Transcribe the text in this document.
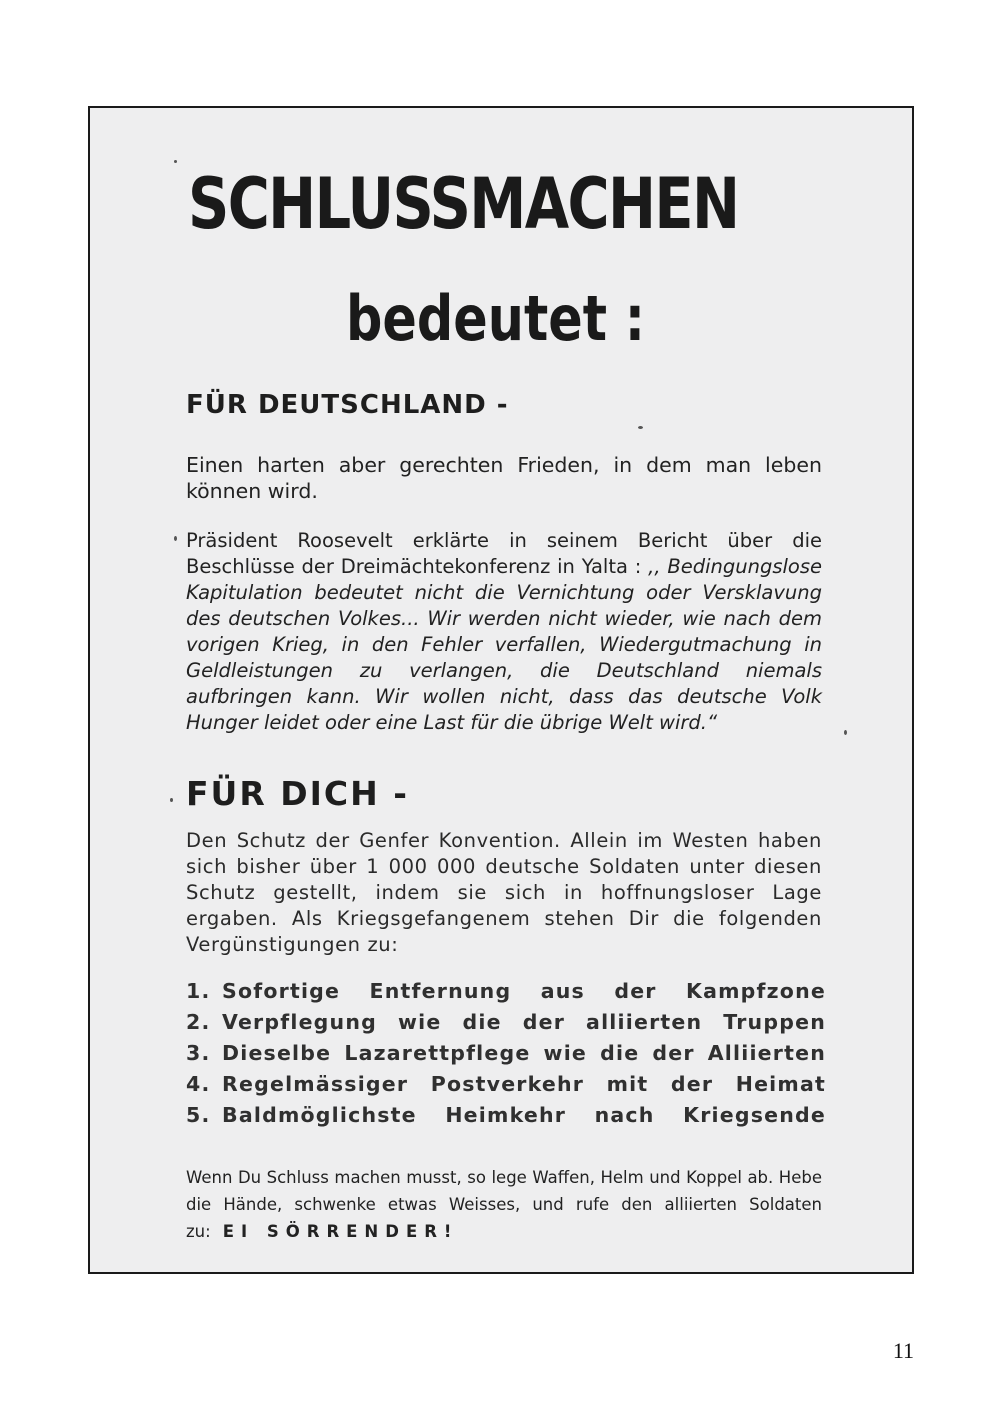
SCHLUSSMACHEN
bedeutet :
FÜR DEUTSCHLAND -

Einen harten aber gerechten Frieden, in dem man leben können wird.

Präsident Roosevelt erklärte in seinem Bericht über die Beschlüsse der Dreimächtekonferenz in Yalta : ,, Bedingungslose Kapitulation bedeutet nicht die Vernichtung oder Versklavung des deutschen Volkes... Wir werden nicht wieder, wie nach dem vorigen Krieg, in den Fehler verfallen, Wiedergutmachung in Geldleistungen zu verlangen, die Deutschland niemals aufbringen kann. Wir wollen nicht, dass das deutsche Volk Hunger leidet oder eine Last für die übrige Welt wird.“

FÜR DICH -

Den Schutz der Genfer Konvention. Allein im Westen haben sich bisher über 1 000 000 deutsche Soldaten unter diesen Schutz gestellt, indem sie sich in hoffnungsloser Lage ergaben. Als Kriegsgefangenem stehen Dir die folgenden Vergünstigungen zu:

1. Sofortige Entfernung aus der Kampfzone
2. Verpflegung wie die der alliierten Truppen
3. Dieselbe Lazarettpflege wie die der Alliierten
4. Regelmässiger Postverkehr mit der Heimat
5. Baldmöglichste Heimkehr nach Kriegsende

Wenn Du Schluss machen musst, so lege Waffen, Helm und Koppel ab. Hebe die Hände, schwenke etwas Weisses, und rufe den alliierten Soldaten zu: EI SÖRRENDER!

11
